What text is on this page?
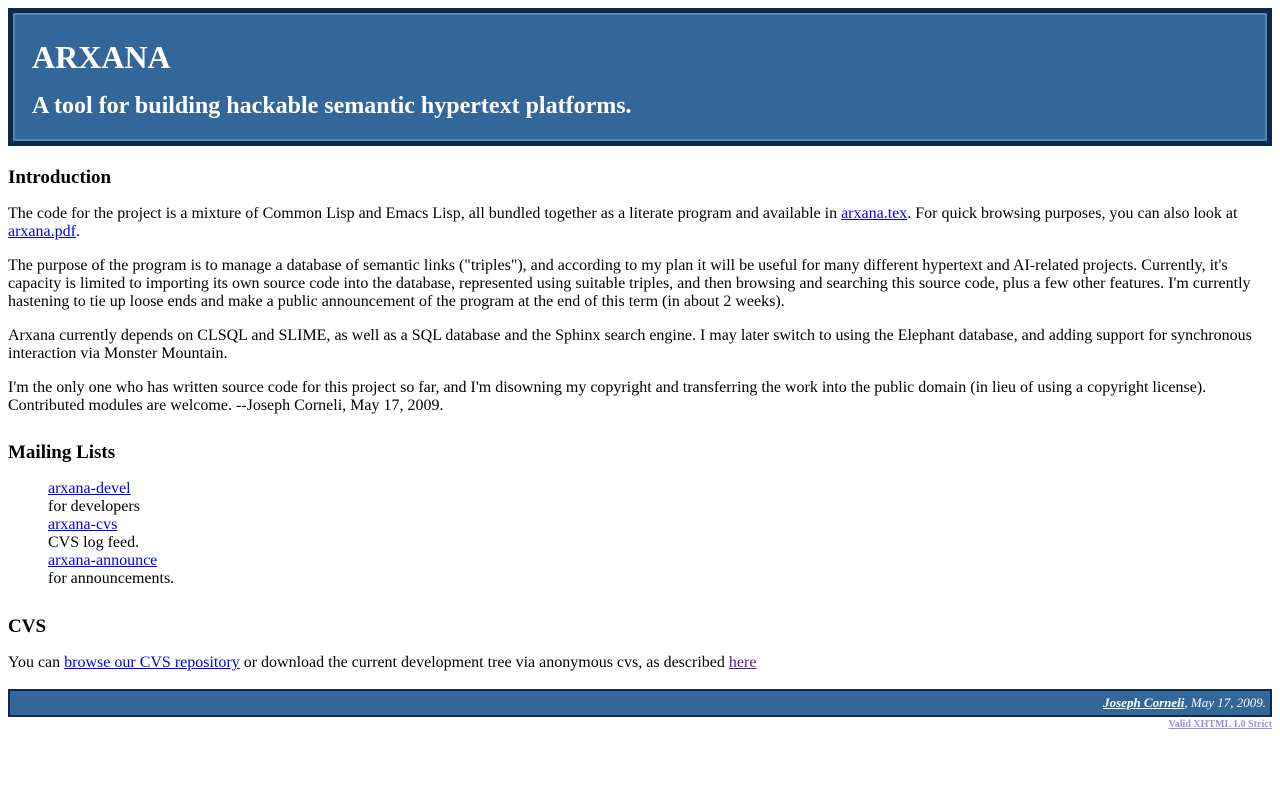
ARXANA
A tool for building hackable semantic hypertext platforms.
Introduction

The code for the project is a mixture of Common Lisp and Emacs Lisp, all bundled together as a literate program and available in arxana.tex. For quick browsing purposes, you can also look at arxana.pdf.

The purpose of the program is to manage a database of semantic links ("triples"), and according to my plan it will be useful for many different hypertext and AI-related projects. Currently, it's capacity is limited to importing its own source code into the database, represented using suitable triples, and then browsing and searching this source code, plus a few other features. I'm currently hastening to tie up loose ends and make a public announcement of the program at the end of this term (in about 2 weeks).

Arxana currently depends on CLSQL and SLIME, as well as a SQL database and the Sphinx search engine. I may later switch to using the Elephant database, and adding support for synchronous interaction via Monster Mountain.

I'm the only one who has written source code for this project so far, and I'm disowning my copyright and transferring the work into the public domain (in lieu of using a copyright license). Contributed modules are welcome. --Joseph Corneli, May 17, 2009.

Mailing Lists
arxana-devel
for developers
arxana-cvs
CVS log feed.
arxana-announce
for announcements.
CVS

You can browse our CVS repository or download the current development tree via anonymous cvs, as described here

Joseph Corneli, May 17, 2009.
Valid XHTML 1.0 Strict
